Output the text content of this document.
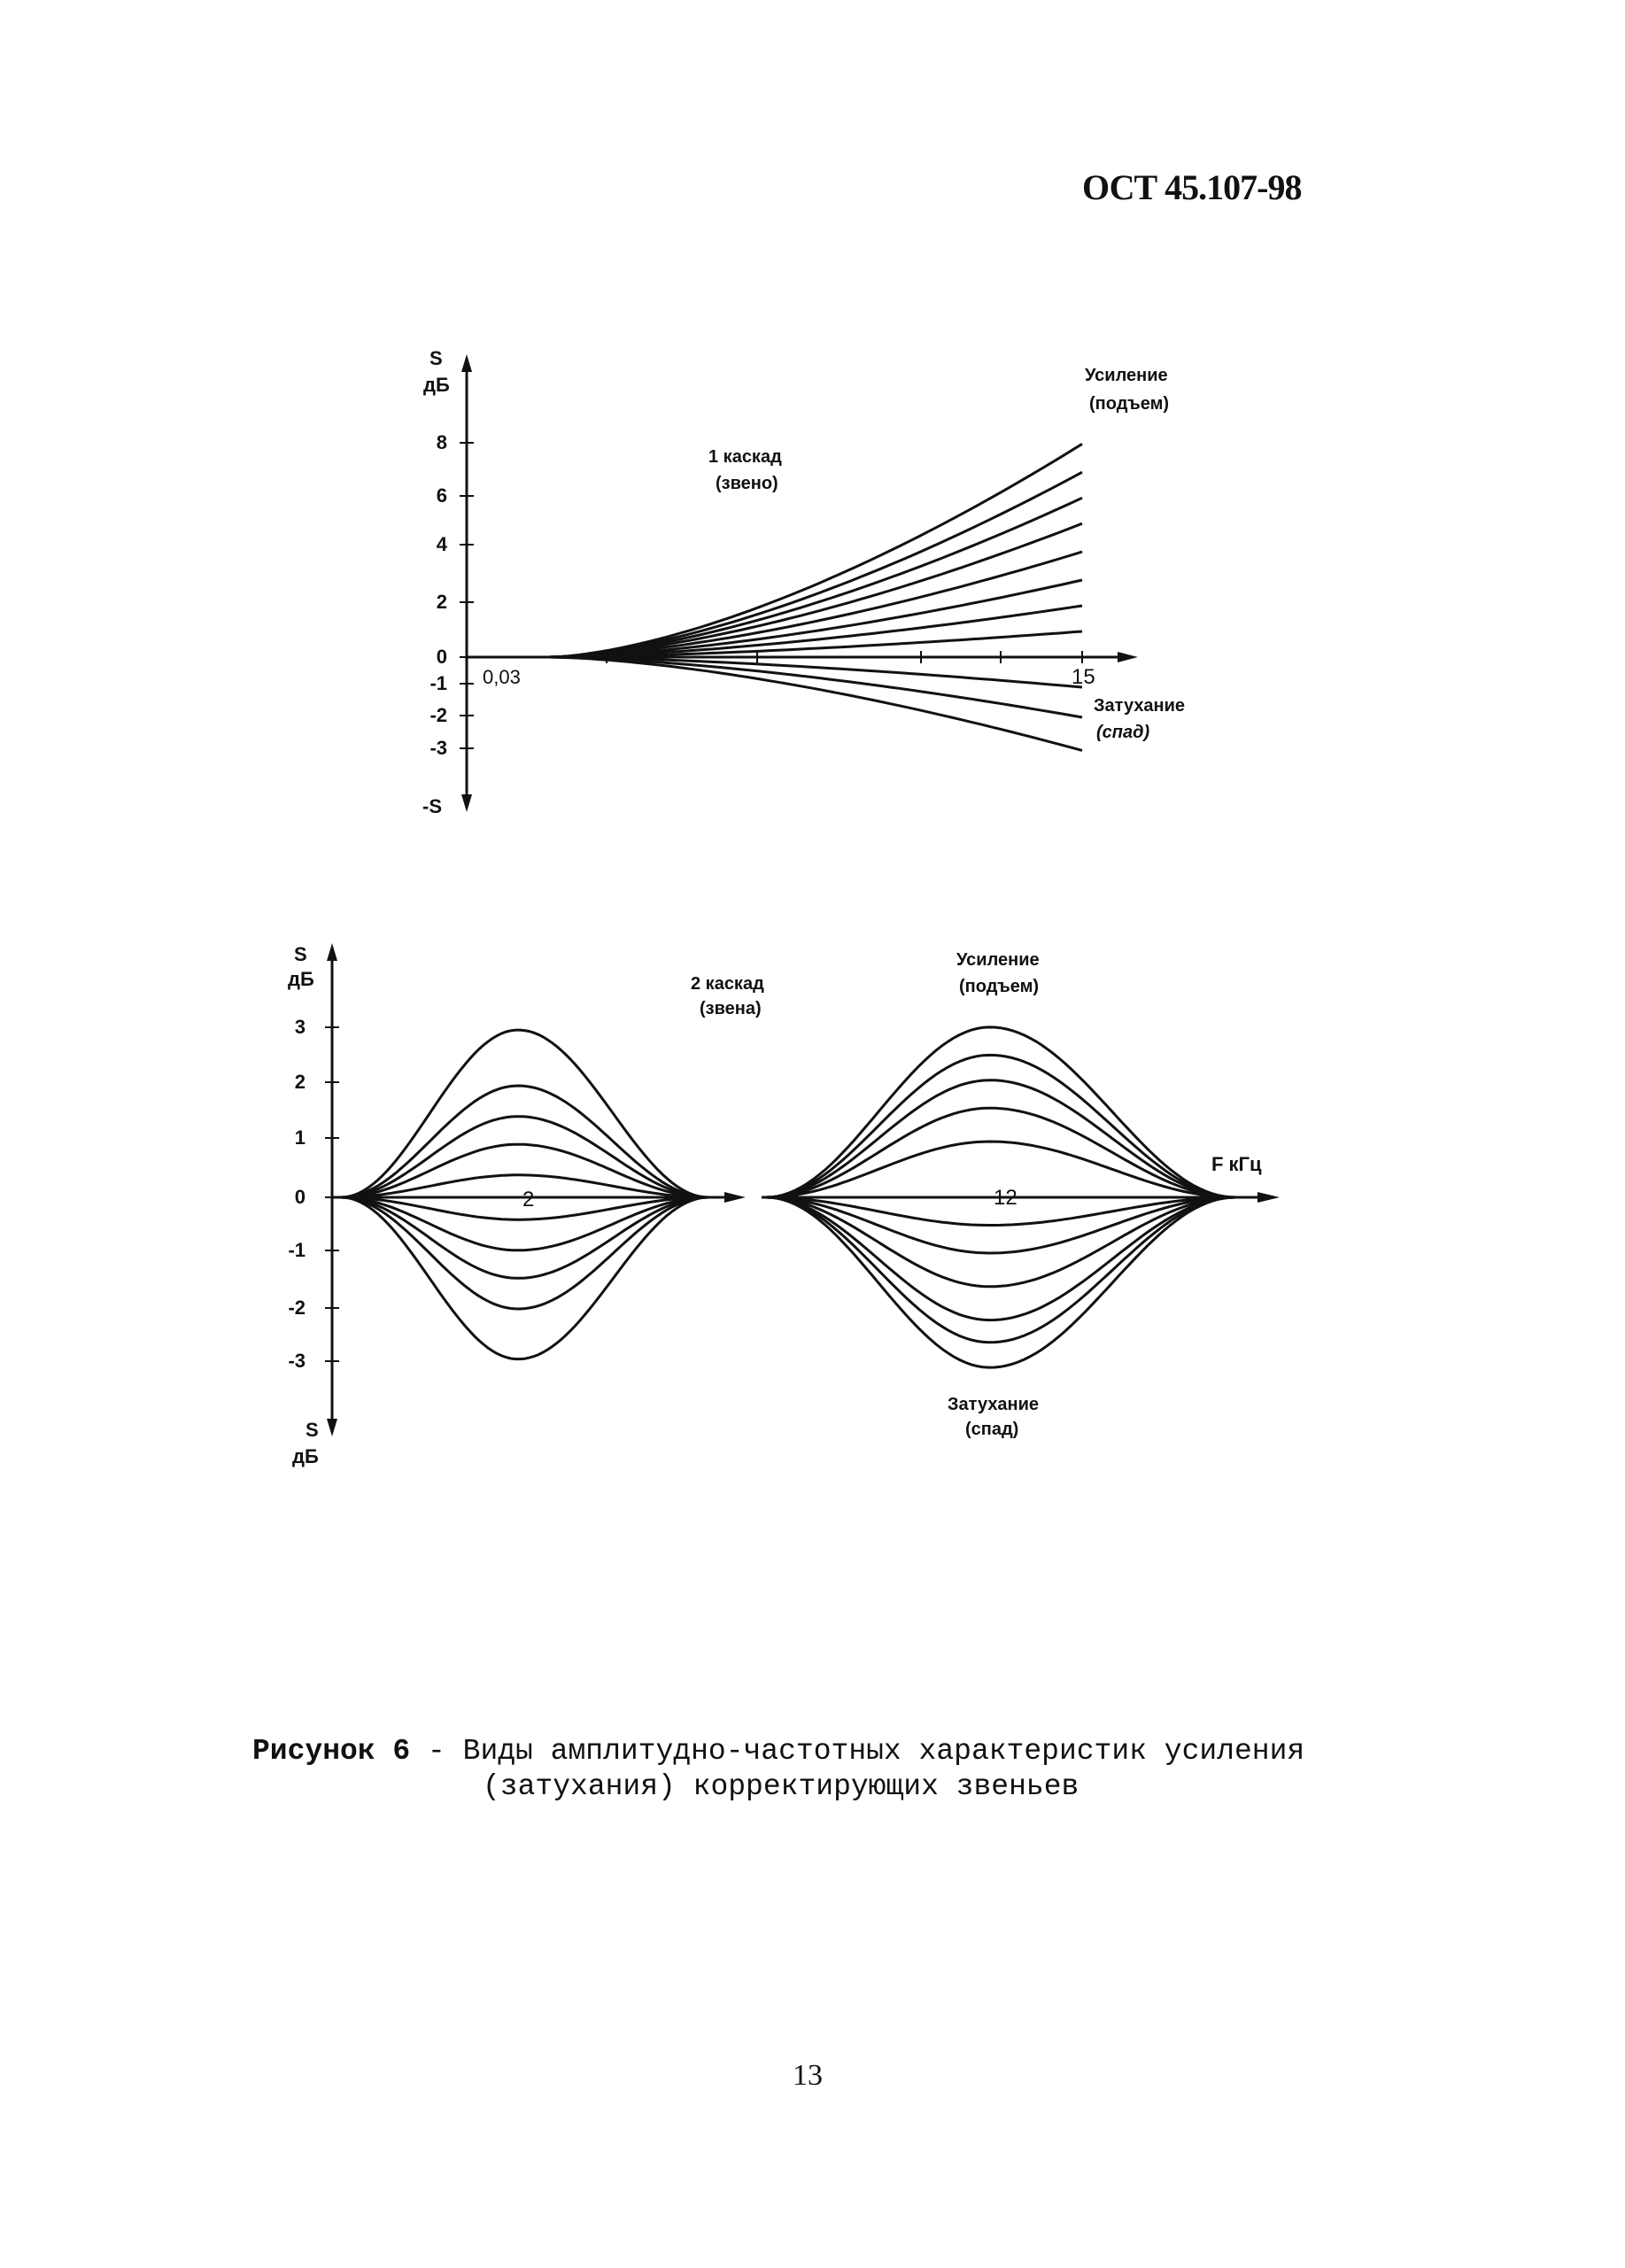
ОСТ 45.107-98
S
дБ
-S
8
6
4
2
0
-1
-2
-3
0,03	15
1 каскад
(звено)
Усиление
(подъем)
Затухание
(спад)
S
дБ
S
дБ
3
2
1
0
-1
-2
-3
2	12
F кГц
2 каскад
(звена)
Усиление
(подъем)
Затухание
(спад)
Рисунок 6 - Виды амплитудно-частотных характеристик усиления
(затухания) корректирующих звеньев
13
